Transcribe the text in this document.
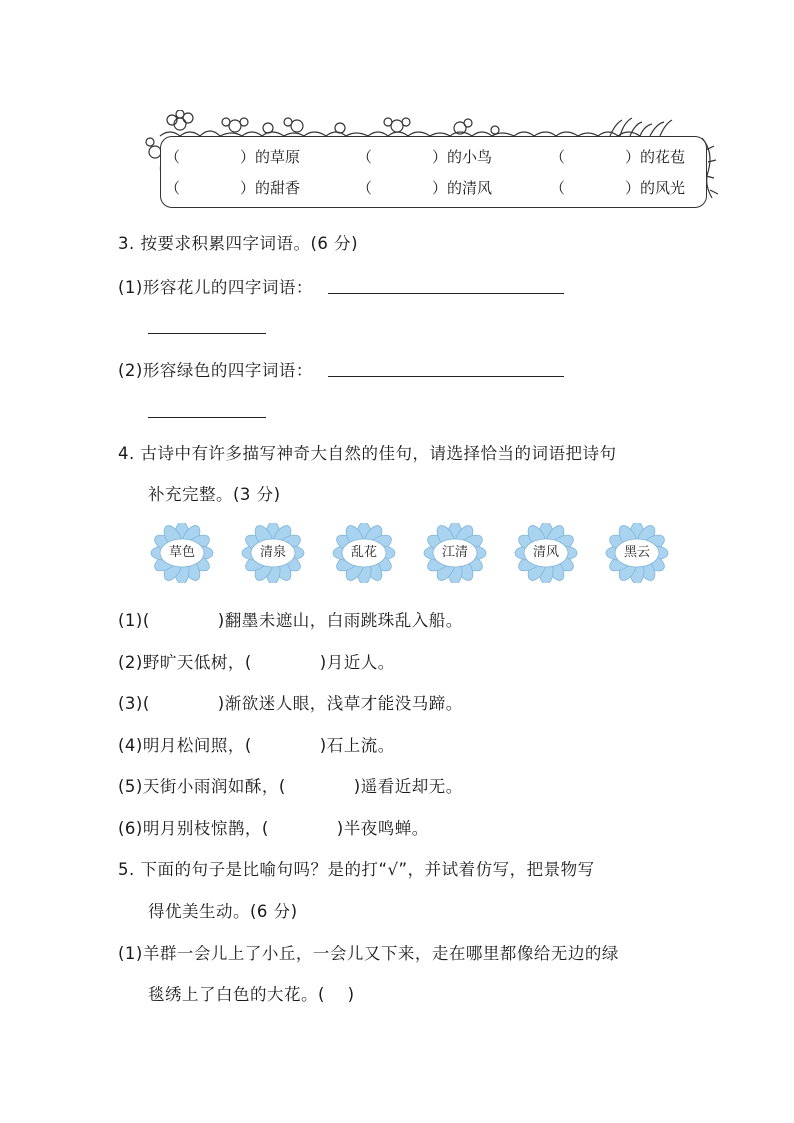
（　　　　）的草原	（　　　　）的小鸟	（　　　　）的花苞
（　　　　）的甜香	（　　　　）的清风	（　　　　）的风光
3. 按要求积累四字词语。(6 分)
(1)形容花儿的四字词语：
(2)形容绿色的四字词语：
4. 古诗中有许多描写神奇大自然的佳句，请选择恰当的词语把诗句
补充完整。(3 分)
草色	清泉	乱花	江清	清风	黑云
(1)(　　　　)翻墨未遮山，白雨跳珠乱入船。
(2)野旷天低树，(　　　　)月近人。
(3)(　　　　)渐欲迷人眼，浅草才能没马蹄。
(4)明月松间照，(　　　　)石上流。
(5)天街小雨润如酥，(　　　　)遥看近却无。
(6)明月别枝惊鹊，(　　　　)半夜鸣蝉。
5. 下面的句子是比喻句吗？是的打“√”，并试着仿写，把景物写
得优美生动。(6 分)
(1)羊群一会儿上了小丘，一会儿又下来，走在哪里都像给无边的绿
毯绣上了白色的大花。(　 )
